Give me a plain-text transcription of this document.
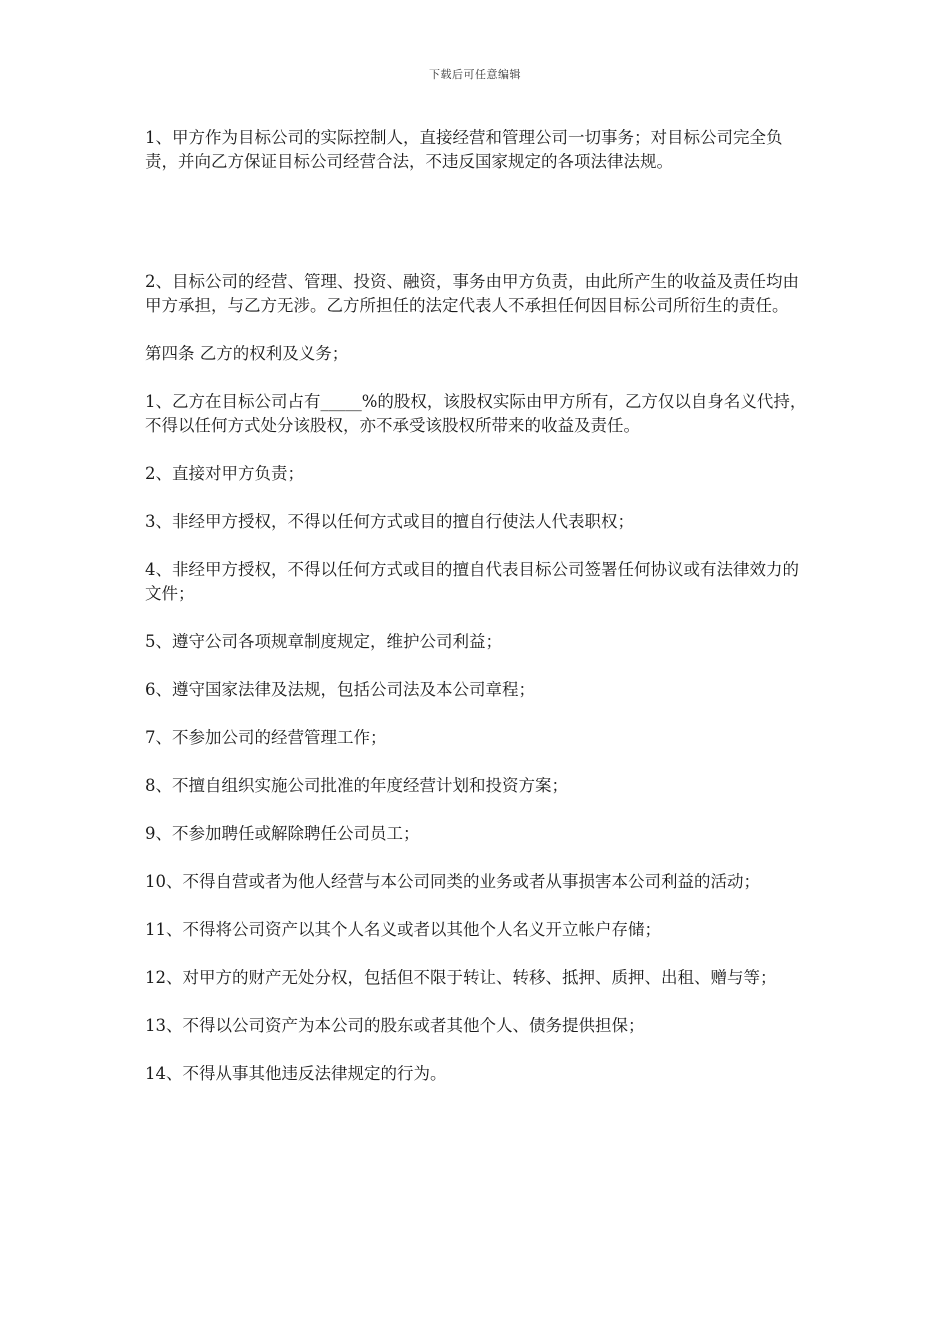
下载后可任意编辑

1、甲方作为目标公司的实际控制人，直接经营和管理公司一切事务；对目标公司完全负责，并向乙方保证目标公司经营合法，不违反国家规定的各项法律法规。

2、目标公司的经营、管理、投资、融资，事务由甲方负责，由此所产生的收益及责任均由甲方承担，与乙方无涉。乙方所担任的法定代表人不承担任何因目标公司所衍生的责任。

第四条 乙方的权利及义务；

1、乙方在目标公司占有_____%的股权，该股权实际由甲方所有，乙方仅以自身名义代持，不得以任何方式处分该股权，亦不承受该股权所带来的收益及责任。

2、直接对甲方负责；

3、非经甲方授权，不得以任何方式或目的擅自行使法人代表职权；

4、非经甲方授权，不得以任何方式或目的擅自代表目标公司签署任何协议或有法律效力的文件；

5、遵守公司各项规章制度规定，维护公司利益；

6、遵守国家法律及法规，包括公司法及本公司章程；

7、不参加公司的经营管理工作；

8、不擅自组织实施公司批准的年度经营计划和投资方案；

9、不参加聘任或解除聘任公司员工；

10、不得自营或者为他人经营与本公司同类的业务或者从事损害本公司利益的活动；

11、不得将公司资产以其个人名义或者以其他个人名义开立帐户存储；

12、对甲方的财产无处分权，包括但不限于转让、转移、抵押、质押、出租、赠与等；

13、不得以公司资产为本公司的股东或者其他个人、债务提供担保；

14、不得从事其他违反法律规定的行为。
